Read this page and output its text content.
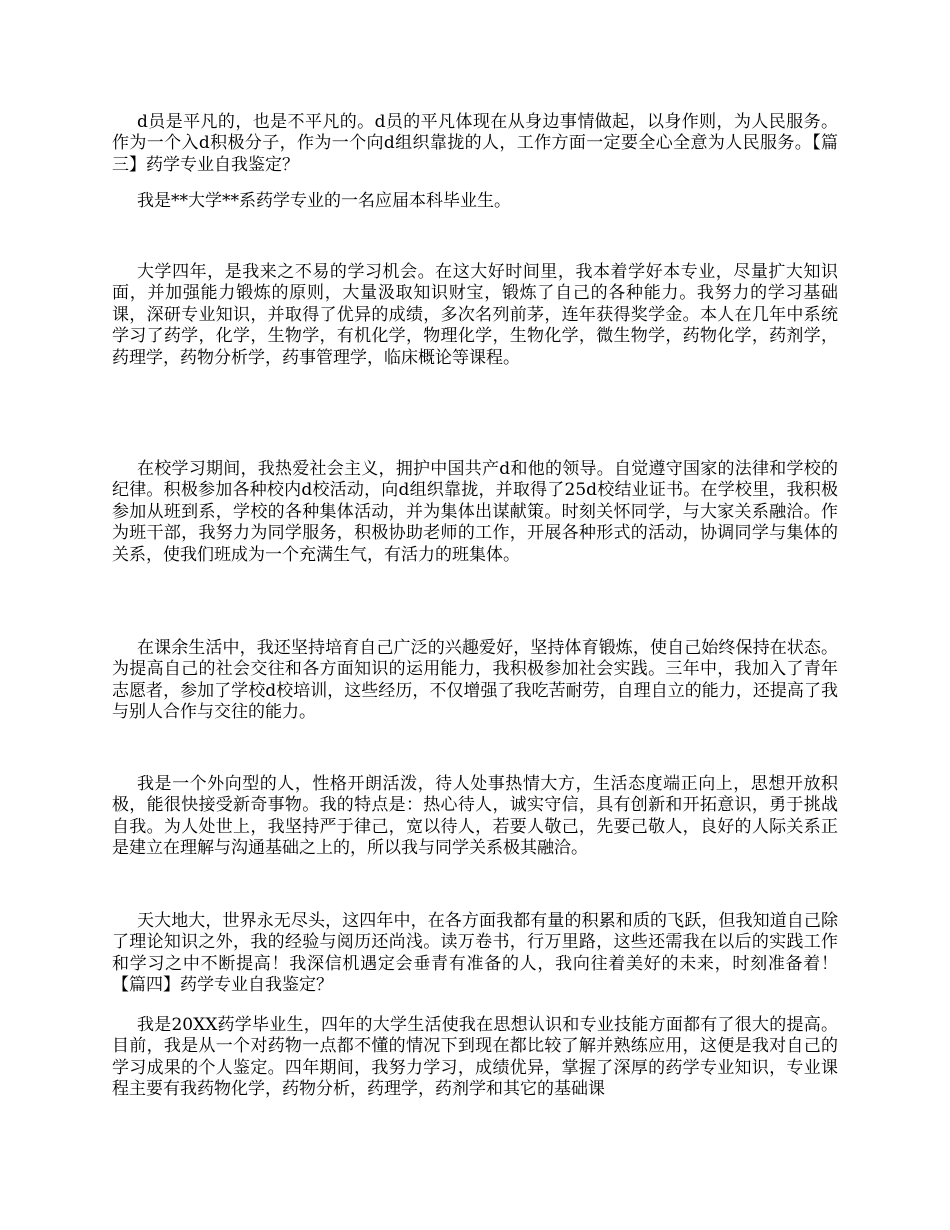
d员是平凡的，也是不平凡的。d员的平凡体现在从身边事情做起，以身作则，为人民服务。作为一个入d积极分子，作为一个向d组织靠拢的人，工作方面一定要全心全意为人民服务。【篇三】药学专业自我鉴定？

我是**大学**系药学专业的一名应届本科毕业生。

大学四年，是我来之不易的学习机会。在这大好时间里，我本着学好本专业，尽量扩大知识面，并加强能力锻炼的原则，大量汲取知识财宝，锻炼了自己的各种能力。我努力的学习基础课，深研专业知识，并取得了优异的成绩，多次名列前茅，连年获得奖学金。本人在几年中系统学习了药学，化学，生物学，有机化学，物理化学，生物化学，微生物学，药物化学，药剂学，药理学，药物分析学，药事管理学，临床概论等课程。

在校学习期间，我热爱社会主义，拥护中国共产d和他的领导。自觉遵守国家的法律和学校的纪律。积极参加各种校内d校活动，向d组织靠拢，并取得了25d校结业证书。在学校里，我积极参加从班到系，学校的各种集体活动，并为集体出谋献策。时刻关怀同学，与大家关系融洽。作为班干部，我努力为同学服务，积极协助老师的工作，开展各种形式的活动，协调同学与集体的关系，使我们班成为一个充满生气，有活力的班集体。

在课余生活中，我还坚持培育自己广泛的兴趣爱好，坚持体育锻炼，使自己始终保持在状态。为提高自己的社会交往和各方面知识的运用能力，我积极参加社会实践。三年中，我加入了青年志愿者，参加了学校d校培训，这些经历，不仅增强了我吃苦耐劳，自理自立的能力，还提高了我与别人合作与交往的能力。

我是一个外向型的人，性格开朗活泼，待人处事热情大方，生活态度端正向上，思想开放积极，能很快接受新奇事物。我的特点是：热心待人，诚实守信，具有创新和开拓意识，勇于挑战自我。为人处世上，我坚持严于律己，宽以待人，若要人敬己，先要己敬人，良好的人际关系正是建立在理解与沟通基础之上的，所以我与同学关系极其融洽。

天大地大，世界永无尽头，这四年中，在各方面我都有量的积累和质的飞跃，但我知道自己除了理论知识之外，我的经验与阅历还尚浅。读万卷书，行万里路，这些还需我在以后的实践工作和学习之中不断提高！我深信机遇定会垂青有准备的人，我向往着美好的未来，时刻准备着！【篇四】药学专业自我鉴定？

我是20XX药学毕业生，四年的大学生活使我在思想认识和专业技能方面都有了很大的提高。目前，我是从一个对药物一点都不懂的情况下到现在都比较了解并熟练应用，这便是我对自己的学习成果的个人鉴定。四年期间，我努力学习，成绩优异，掌握了深厚的药学专业知识，专业课程主要有我药物化学，药物分析，药理学，药剂学和其它的基础课
